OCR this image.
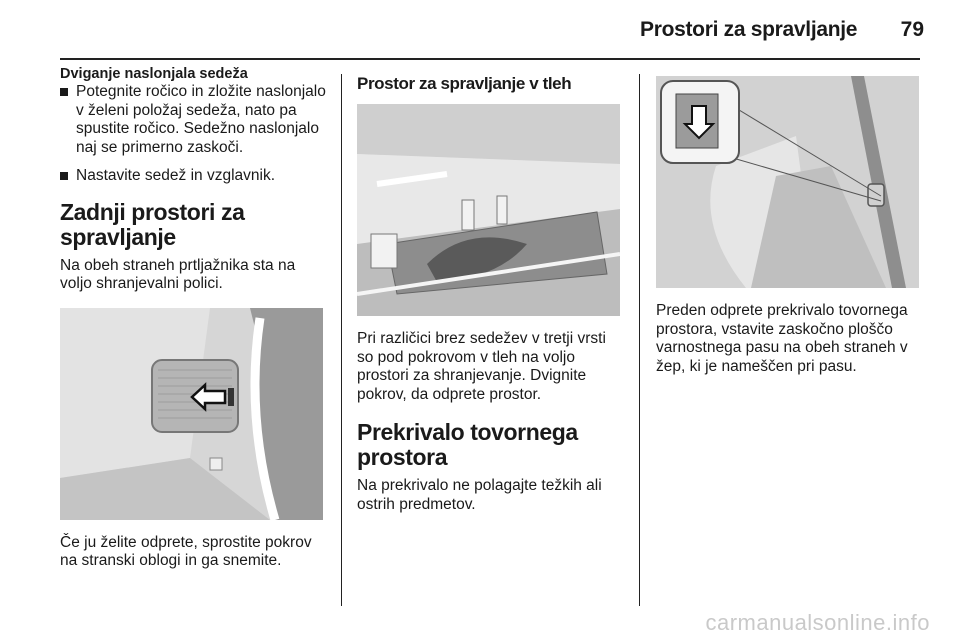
Prostori za spravljanje	79

Dviganje naslonjala sedeža

Potegnite ročico in zložite naslonjalo v želeni položaj sedeža, nato pa spustite ročico. Sedežno naslonjalo naj se primerno zaskoči.
Nastavite sedež in vzglavnik.
Zadnji prostori za spravljanje

Na obeh straneh prtljažnika sta na voljo shranjevalni polici.

Če ju želite odprete, sprostite pokrov na stranski oblogi in ga snemite.

Prostor za spravljanje v tleh

Pri različici brez sedežev v tretji vrsti so pod pokrovom v tleh na voljo prostori za shranjevanje. Dvignite pokrov, da odprete prostor.

Prekrivalo tovornega prostora

Na prekrivalo ne polagajte težkih ali ostrih predmetov.

Preden odprete prekrivalo tovornega prostora, vstavite zaskočno ploščo varnostnega pasu na obeh straneh v žep, ki je nameščen pri pasu.

carmanualsonline.info
